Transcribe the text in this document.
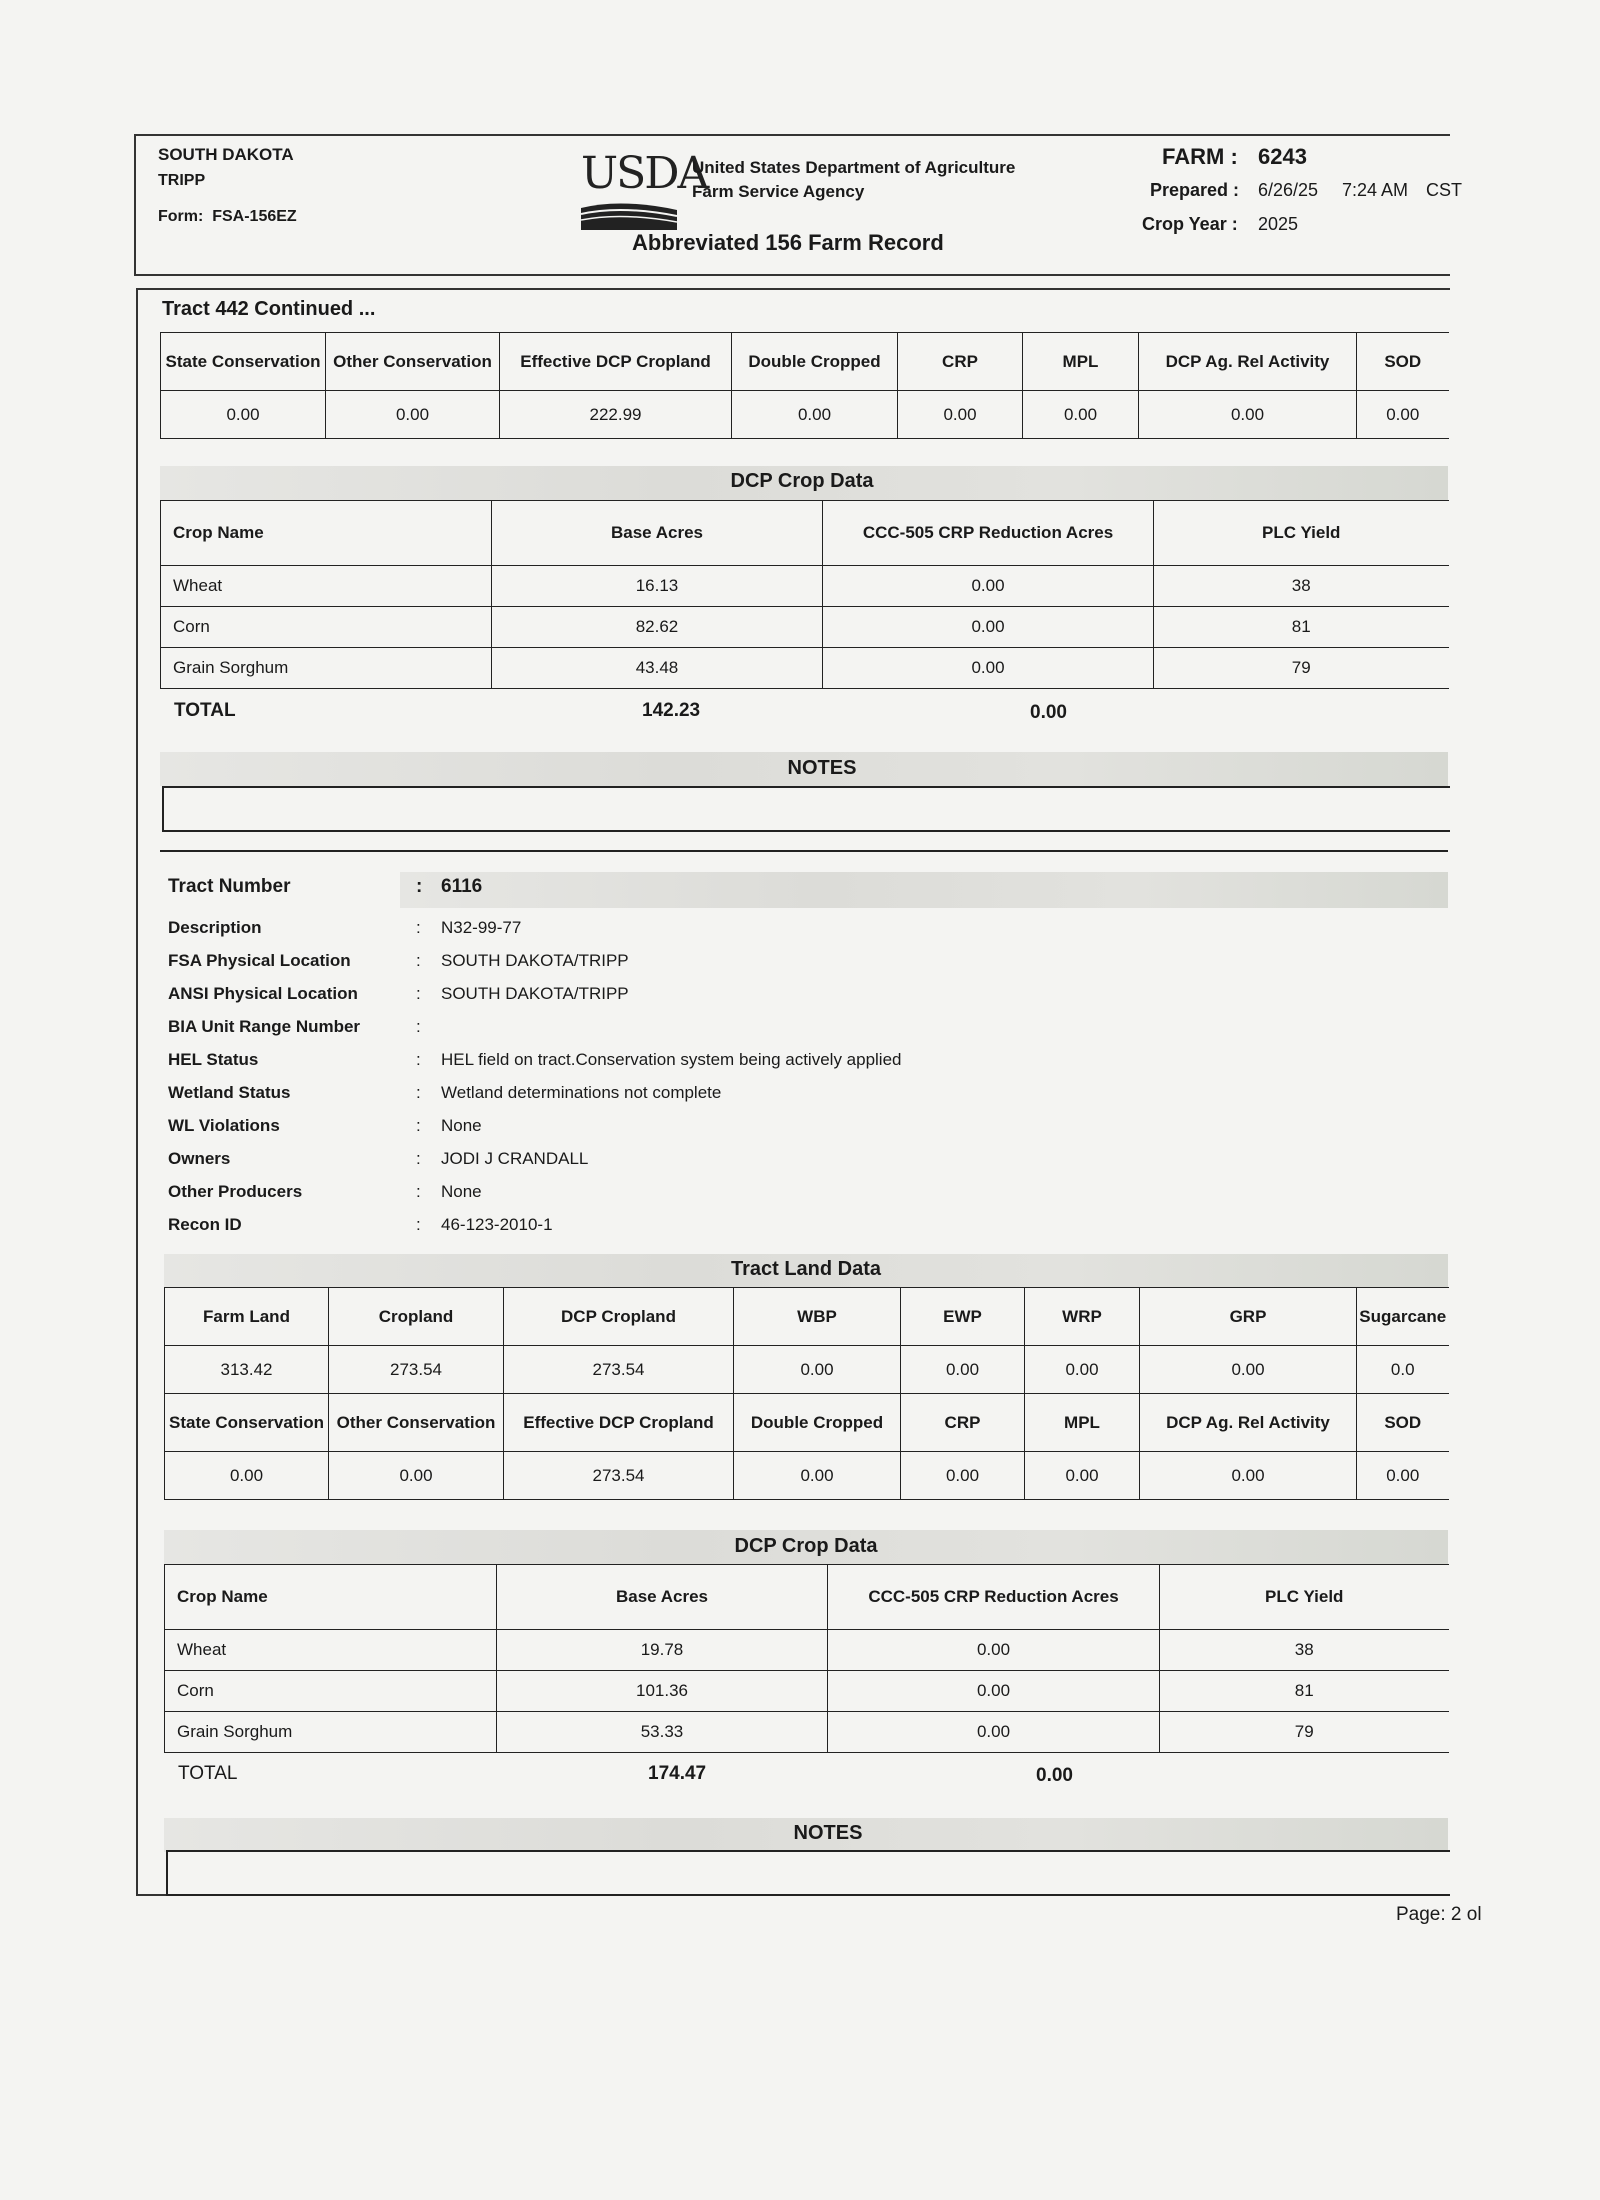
SOUTH DAKOTA
TRIPP
Form: FSA-156EZ
USDA
United States Department of Agriculture
Farm Service Agency
Abbreviated 156 Farm Record
FARM : 6243
Prepared : 6/26/25 7:24 AM CST
Crop Year : 2025
Tract 442 Continued ...
State Conservation	Other Conservation	Effective DCP Cropland	Double Cropped	CRP	MPL	DCP Ag. Rel Activity	SOD
0.00	0.00	222.99	0.00	0.00	0.00	0.00	0.00
DCP Crop Data
Crop Name	Base Acres	CCC-505 CRP Reduction Acres	PLC Yield
Wheat	16.13	0.00	38
Corn	82.62	0.00	81
Grain Sorghum	43.48	0.00	79
TOTAL	142.23	0.00
NOTES
Tract Number	: 6116
Description	: N32-99-77
FSA Physical Location	: SOUTH DAKOTA/TRIPP
ANSI Physical Location	: SOUTH DAKOTA/TRIPP
BIA Unit Range Number	:
HEL Status	: HEL field on tract.Conservation system being actively applied
Wetland Status	: Wetland determinations not complete
WL Violations	: None
Owners	: JODI J CRANDALL
Other Producers	: None
Recon ID	: 46-123-2010-1
Tract Land Data
Farm Land	Cropland	DCP Cropland	WBP	EWP	WRP	GRP	Sugarcane
313.42	273.54	273.54	0.00	0.00	0.00	0.00	0.0
State Conservation	Other Conservation	Effective DCP Cropland	Double Cropped	CRP	MPL	DCP Ag. Rel Activity	SOD
0.00	0.00	273.54	0.00	0.00	0.00	0.00	0.00
DCP Crop Data
Crop Name	Base Acres	CCC-505 CRP Reduction Acres	PLC Yield
Wheat	19.78	0.00	38
Corn	101.36	0.00	81
Grain Sorghum	53.33	0.00	79
TOTAL	174.47	0.00
NOTES
Page: 2 ol
